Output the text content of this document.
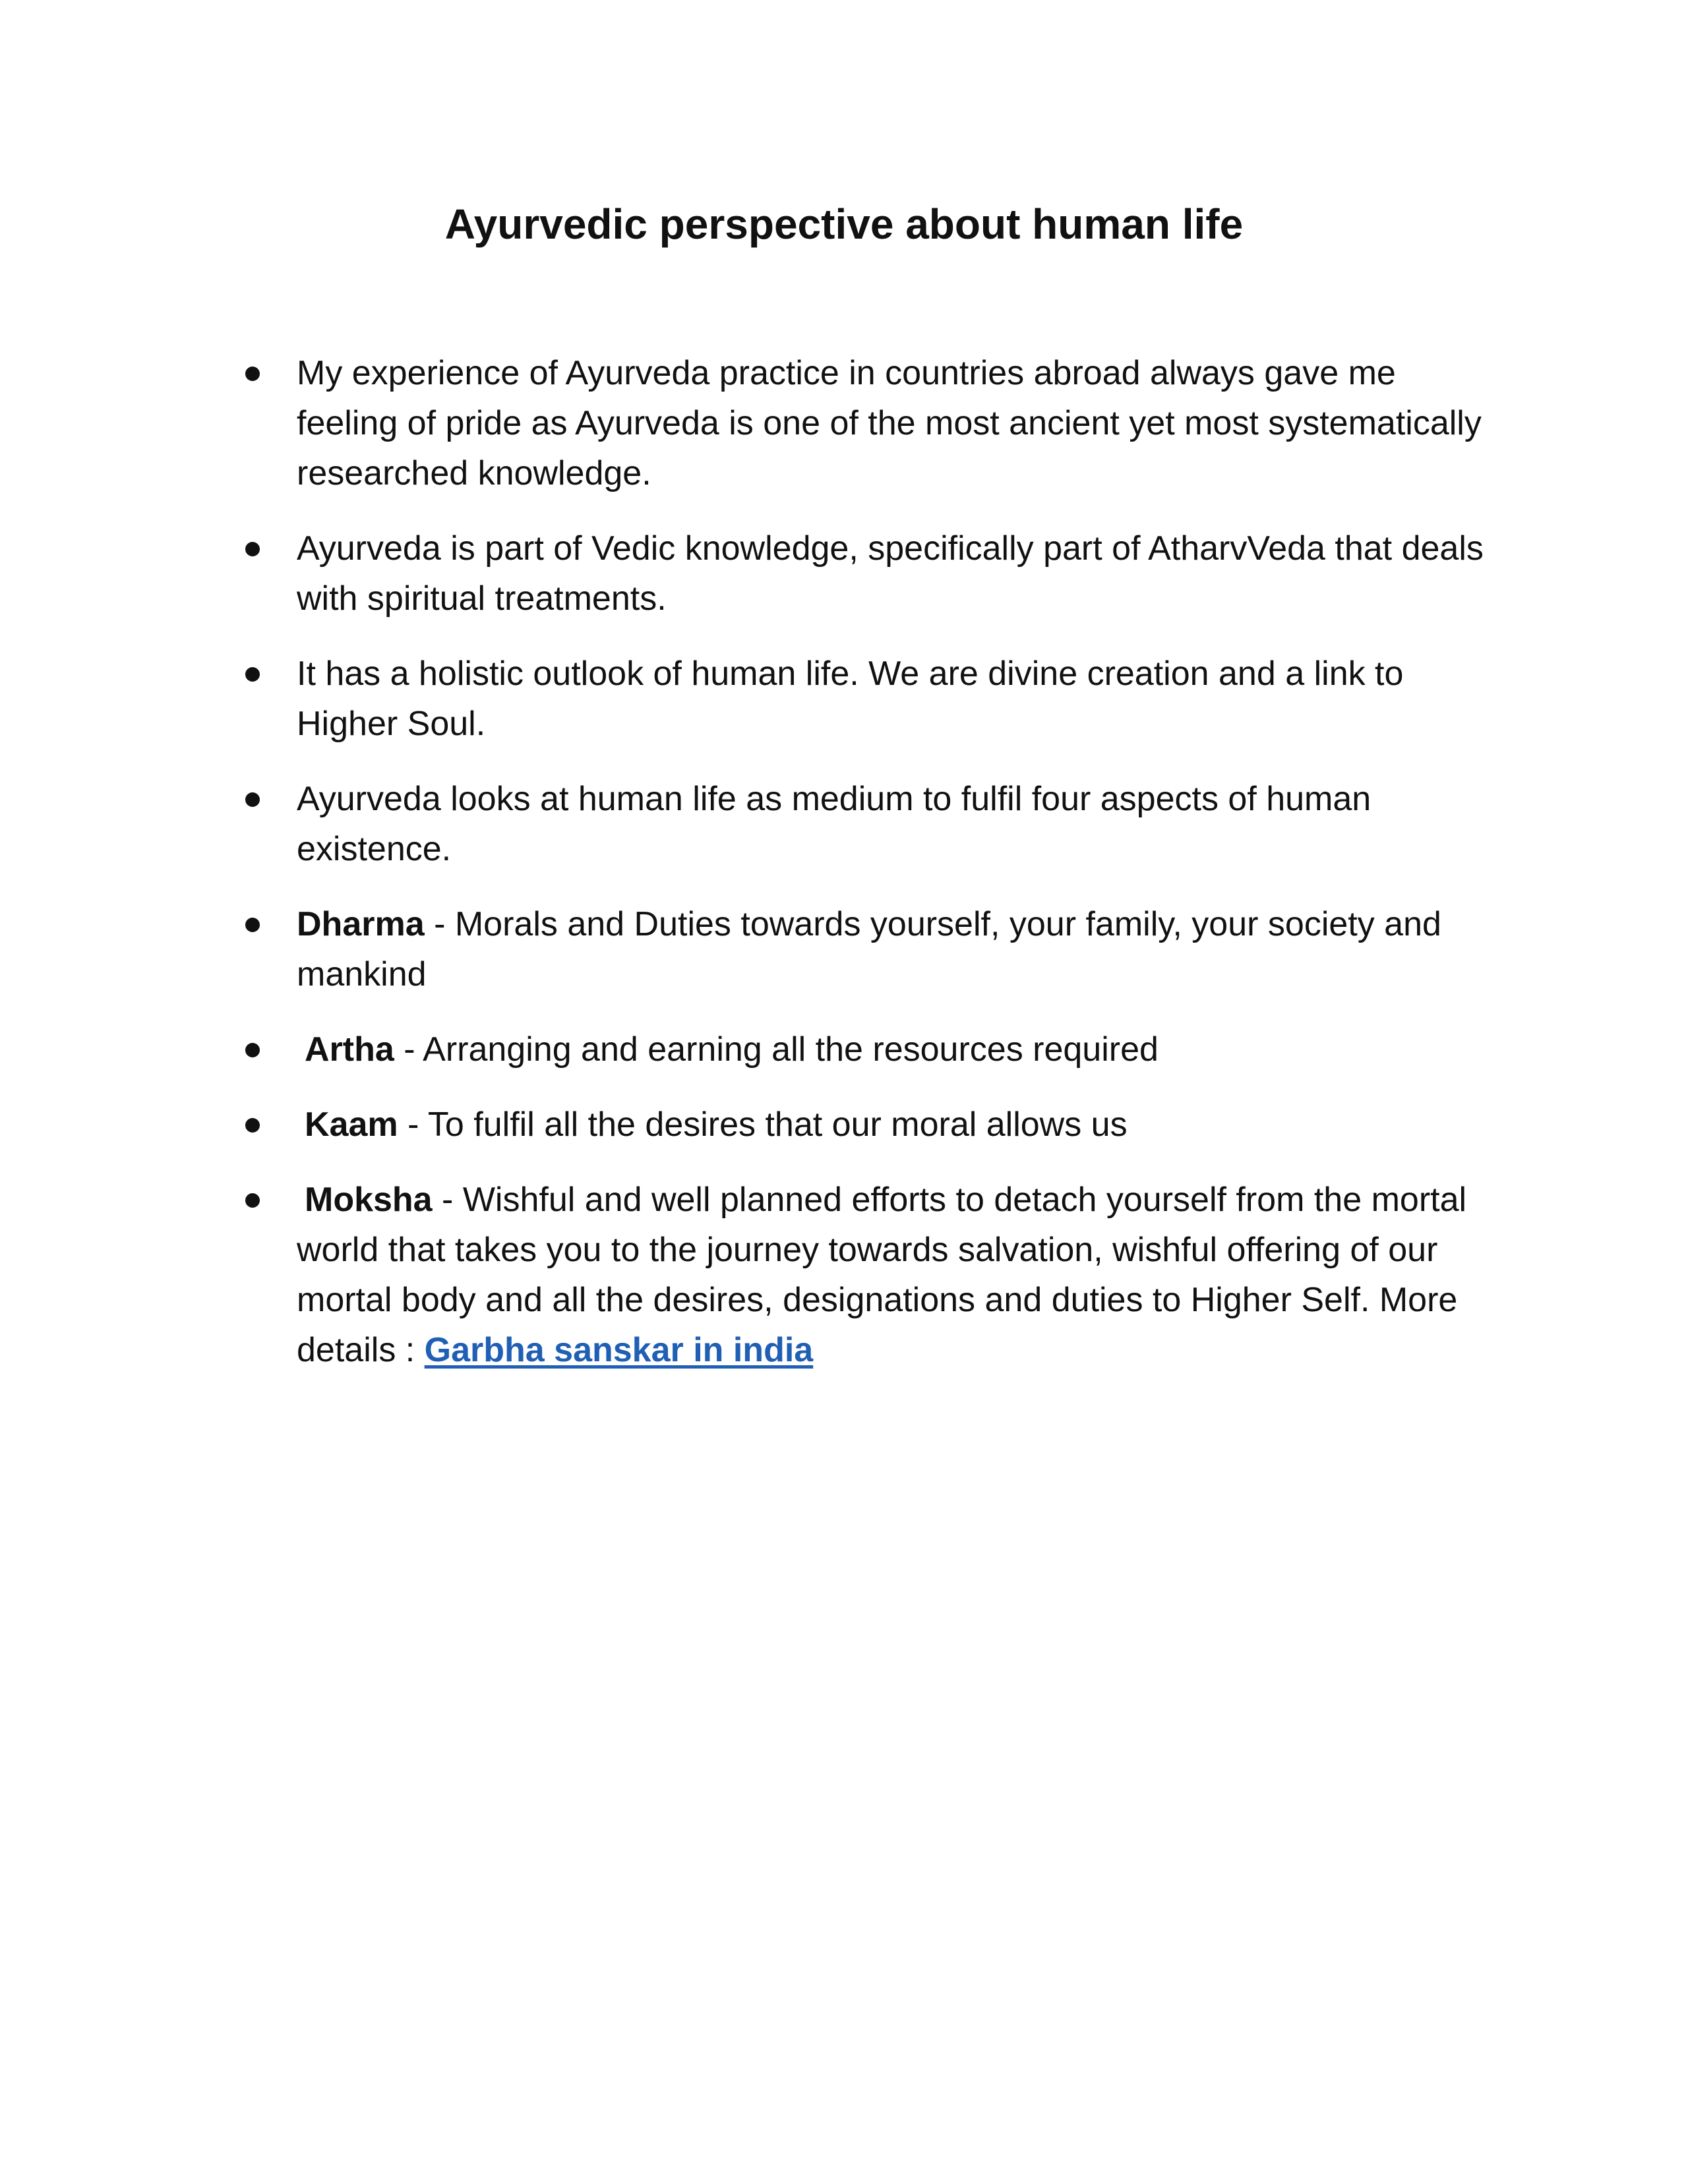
Ayurvedic perspective about human life
My experience of Ayurveda practice in countries abroad always gave me feeling of pride as Ayurveda is one of the most ancient yet most systematically researched knowledge.
Ayurveda is part of Vedic knowledge, specifically part of AtharvVeda that deals with spiritual treatments.
It has a holistic outlook of human life. We are divine creation and a link to Higher Soul.
Ayurveda looks at human life as medium to fulfil four aspects of human existence.
Dharma - Morals and Duties towards yourself, your family, your society and mankind
Artha - Arranging and earning all the resources required
Kaam - To fulfil all the desires that our moral allows us
Moksha - Wishful and well planned efforts to detach yourself from the mortal world that takes you to the journey towards salvation, wishful offering of our mortal body and all the desires, designations and duties to Higher Self. More details : Garbha sanskar in india
